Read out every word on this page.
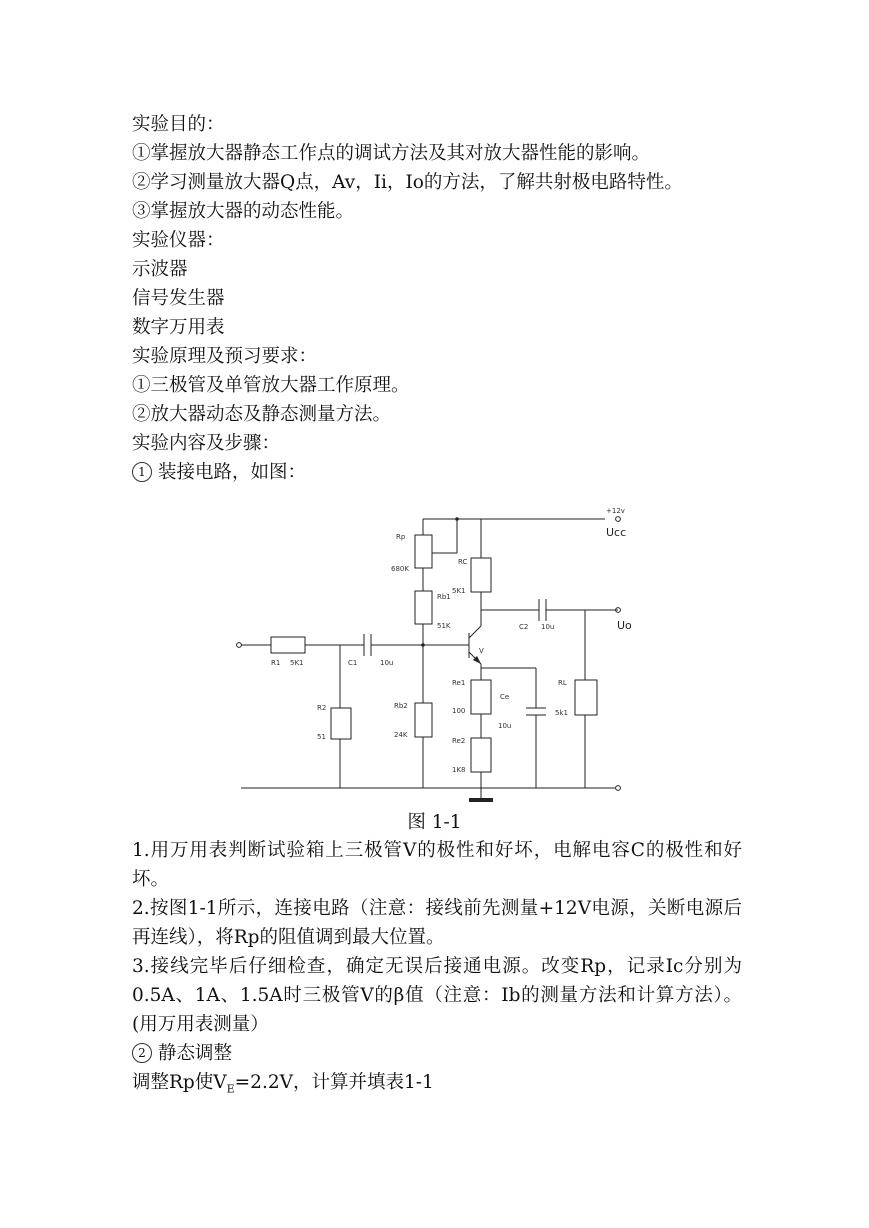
实验目的：
①掌握放大器静态工作点的调试方法及其对放大器性能的影响。
②学习测量放大器Q点，Av，Ii，Io的方法，了解共射极电路特性。
③掌握放大器的动态性能。
实验仪器：
示波器
信号发生器
数字万用表
实验原理及预习要求：
①三极管及单管放大器工作原理。
②放大器动态及静态测量方法。
实验内容及步骤：
1 装接电路，如图：
Rp
680K
RC
5K1
Rb1
51K
Rb2
24K
R1 5K1	C1	10u
R2
51
C2 10u
V
Re1
100
Ce
10u
Re2
1K8
RL
5k1
+12v
Ucc
Uo
图 1-1
1.用万用表判断试验箱上三极管V的极性和好坏，电解电容C的极性和好坏。
2.按图1-1所示，连接电路（注意：接线前先测量+12V电源，关断电源后再连线），将Rp的阻值调到最大位置。
3.接线完毕后仔细检查，确定无误后接通电源。改变Rp，记录Ic分别为0.5A、1A、1.5A时三极管V的β值（注意：Ib的测量方法和计算方法）。(用万用表测量）
2 静态调整
调整Rp使$V_E=2.2V$，计算并填表1-1
